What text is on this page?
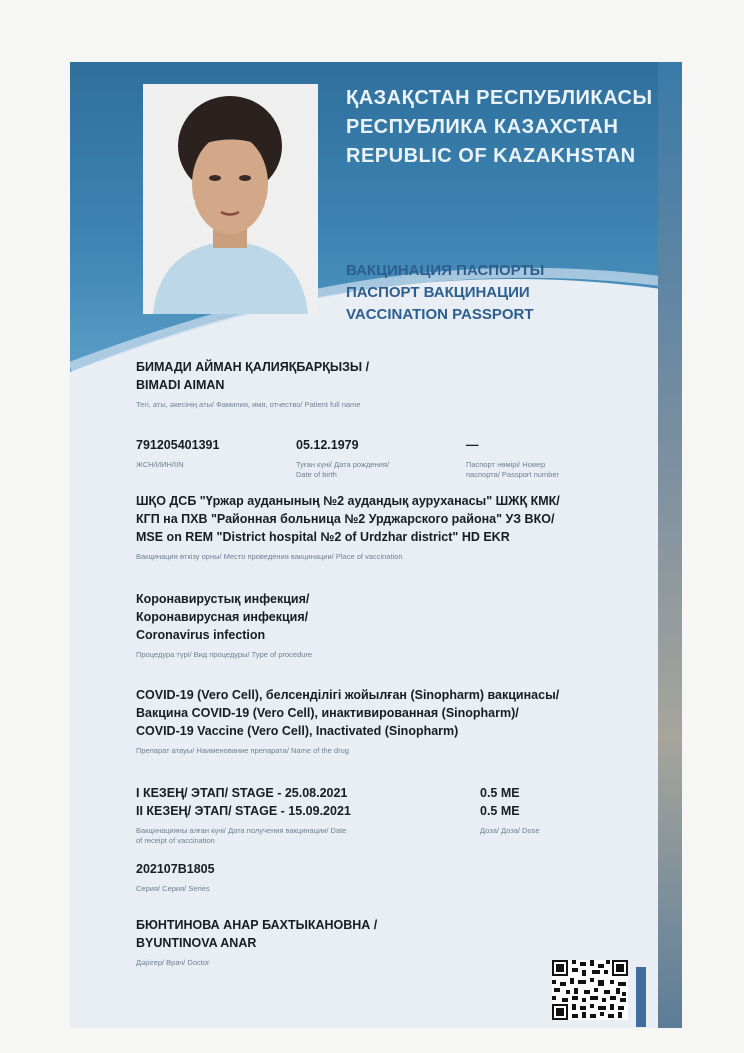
ҚАЗАҚСТАН РЕСПУБЛИКАСЫ
РЕСПУБЛИКА КАЗАХСТАН
REPUBLIC OF KAZAKHSTAN
ВАКЦИНАЦИЯ ПАСПОРТЫ
ПАСПОРТ ВАКЦИНАЦИИ
VACCINATION PASSPORT
БИМАДИ АЙМАН ҚАЛИЯҚБАРҚЫЗЫ /
BIMADI AIMAN
Тегі, аты, әкесінің аты/ Фамилия, имя, отчество/ Patient full name
791205401391
ЖСН/ИИН/IIN
05.12.1979
Туған күні/ Дата рождения/
Date of birth
—
Паспорт нөмірі/ Номер
паспорта/ Passport number
ШҚО ДСБ "Үржар ауданының №2 аудандық ауруханасы" ШЖҚ КМК/
КГП на ПХВ "Районная больница №2 Урджарского района" УЗ ВКО/
MSE on REM "District hospital №2 of Urdzhar district" HD EKR
Вакцинация өткізу орны/ Место проведения вакцинации/ Place of vaccination
Коронавирустық инфекция/
Коронавирусная инфекция/
Coronavirus infection
Процедура түрі/ Вид процедуры/ Type of procedure
COVID-19 (Vero Cell), белсенділігі жойылған (Sinopharm) вакцинасы/
Вакцина COVID-19 (Vero Cell), инактивированная (Sinopharm)/
COVID-19 Vaccine (Vero Cell), Inactivated (Sinopharm)
Препарат атауы/ Наименование препарата/ Name of the drug
I КЕЗЕҢ/ ЭТАП/ STAGE - 25.08.2021
II КЕЗЕҢ/ ЭТАП/ STAGE - 15.09.2021
Вакцинацияны алған күні/ Дата получения вакцинации/ Date
of receipt of vaccination
0.5 МЕ
0.5 МЕ
Доза/ Доза/ Dose
202107B1805
Серия/ Серия/ Series
БЮНТИНОВА АНАР БАХТЫКАНОВНА /
BYUNTINOVA ANAR
Дәрігер/ Врач/ Doctor
